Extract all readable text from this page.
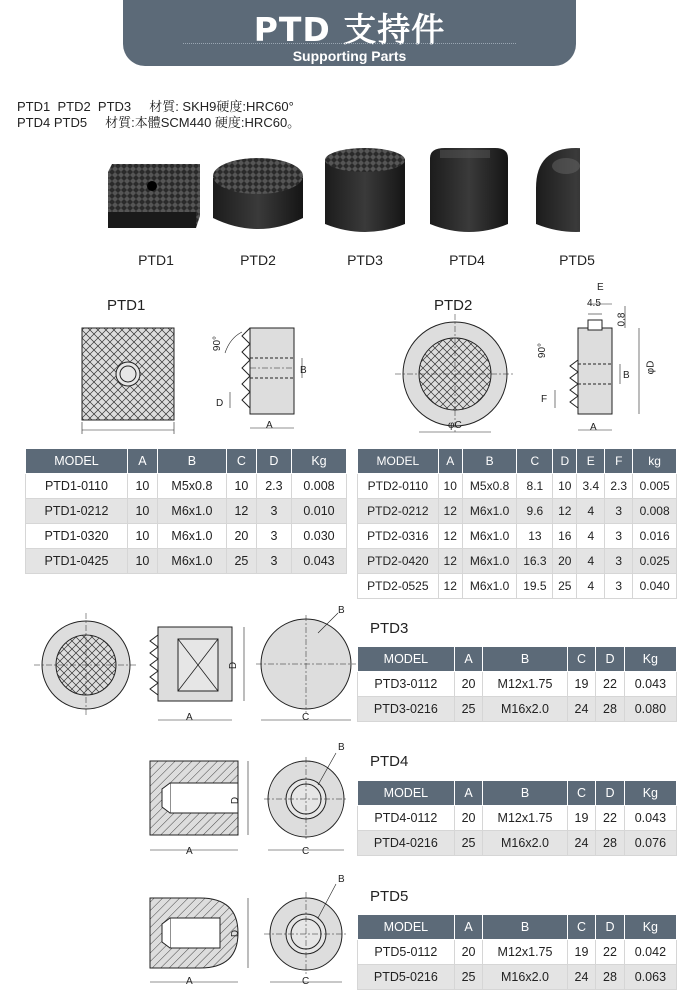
PTD 支持件
Supporting Parts
PTD1  PTD2  PTD3     材質: SKH9硬度:HRC60°
PTD4 PTD5     材質:本體SCM440 硬度:HRC60。
PTD1	PTD2	PTD3	PTD4	PTD5
PTD1	PTD2
90°
B
D
A
E
4.5
0.8
90°
B
φD
F
φC	A
MODEL	A	B	C	D	Kg
PTD1-0110	10	M5x0.8	10	2.3	0.008
PTD1-0212	10	M6x1.0	12	3	0.010
PTD1-0320	10	M6x1.0	20	3	0.030
PTD1-0425	10	M6x1.0	25	3	0.043
MODEL	A	B	C	D	E	F	kg
PTD2-0110	10	M5x0.8	8.1	10	3.4	2.3	0.005
PTD2-0212	12	M6x1.0	9.6	12	4	3	0.008
PTD2-0316	12	M6x1.0	13	16	4	3	0.016
PTD2-0420	12	M6x1.0	16.3	20	4	3	0.025
PTD2-0525	12	M6x1.0	19.5	25	4	3	0.040
B
D
A	C
PTD3
MODEL	A	B	C	D	Kg
PTD3-0112	20	M12x1.75	19	22	0.043
PTD3-0216	25	M16x2.0	24	28	0.080
B
D
A	C
PTD4
MODEL	A	B	C	D	Kg
PTD4-0112	20	M12x1.75	19	22	0.043
PTD4-0216	25	M16x2.0	24	28	0.076
B
D
A	C
PTD5
MODEL	A	B	C	D	Kg
PTD5-0112	20	M12x1.75	19	22	0.042
PTD5-0216	25	M16x2.0	24	28	0.063
